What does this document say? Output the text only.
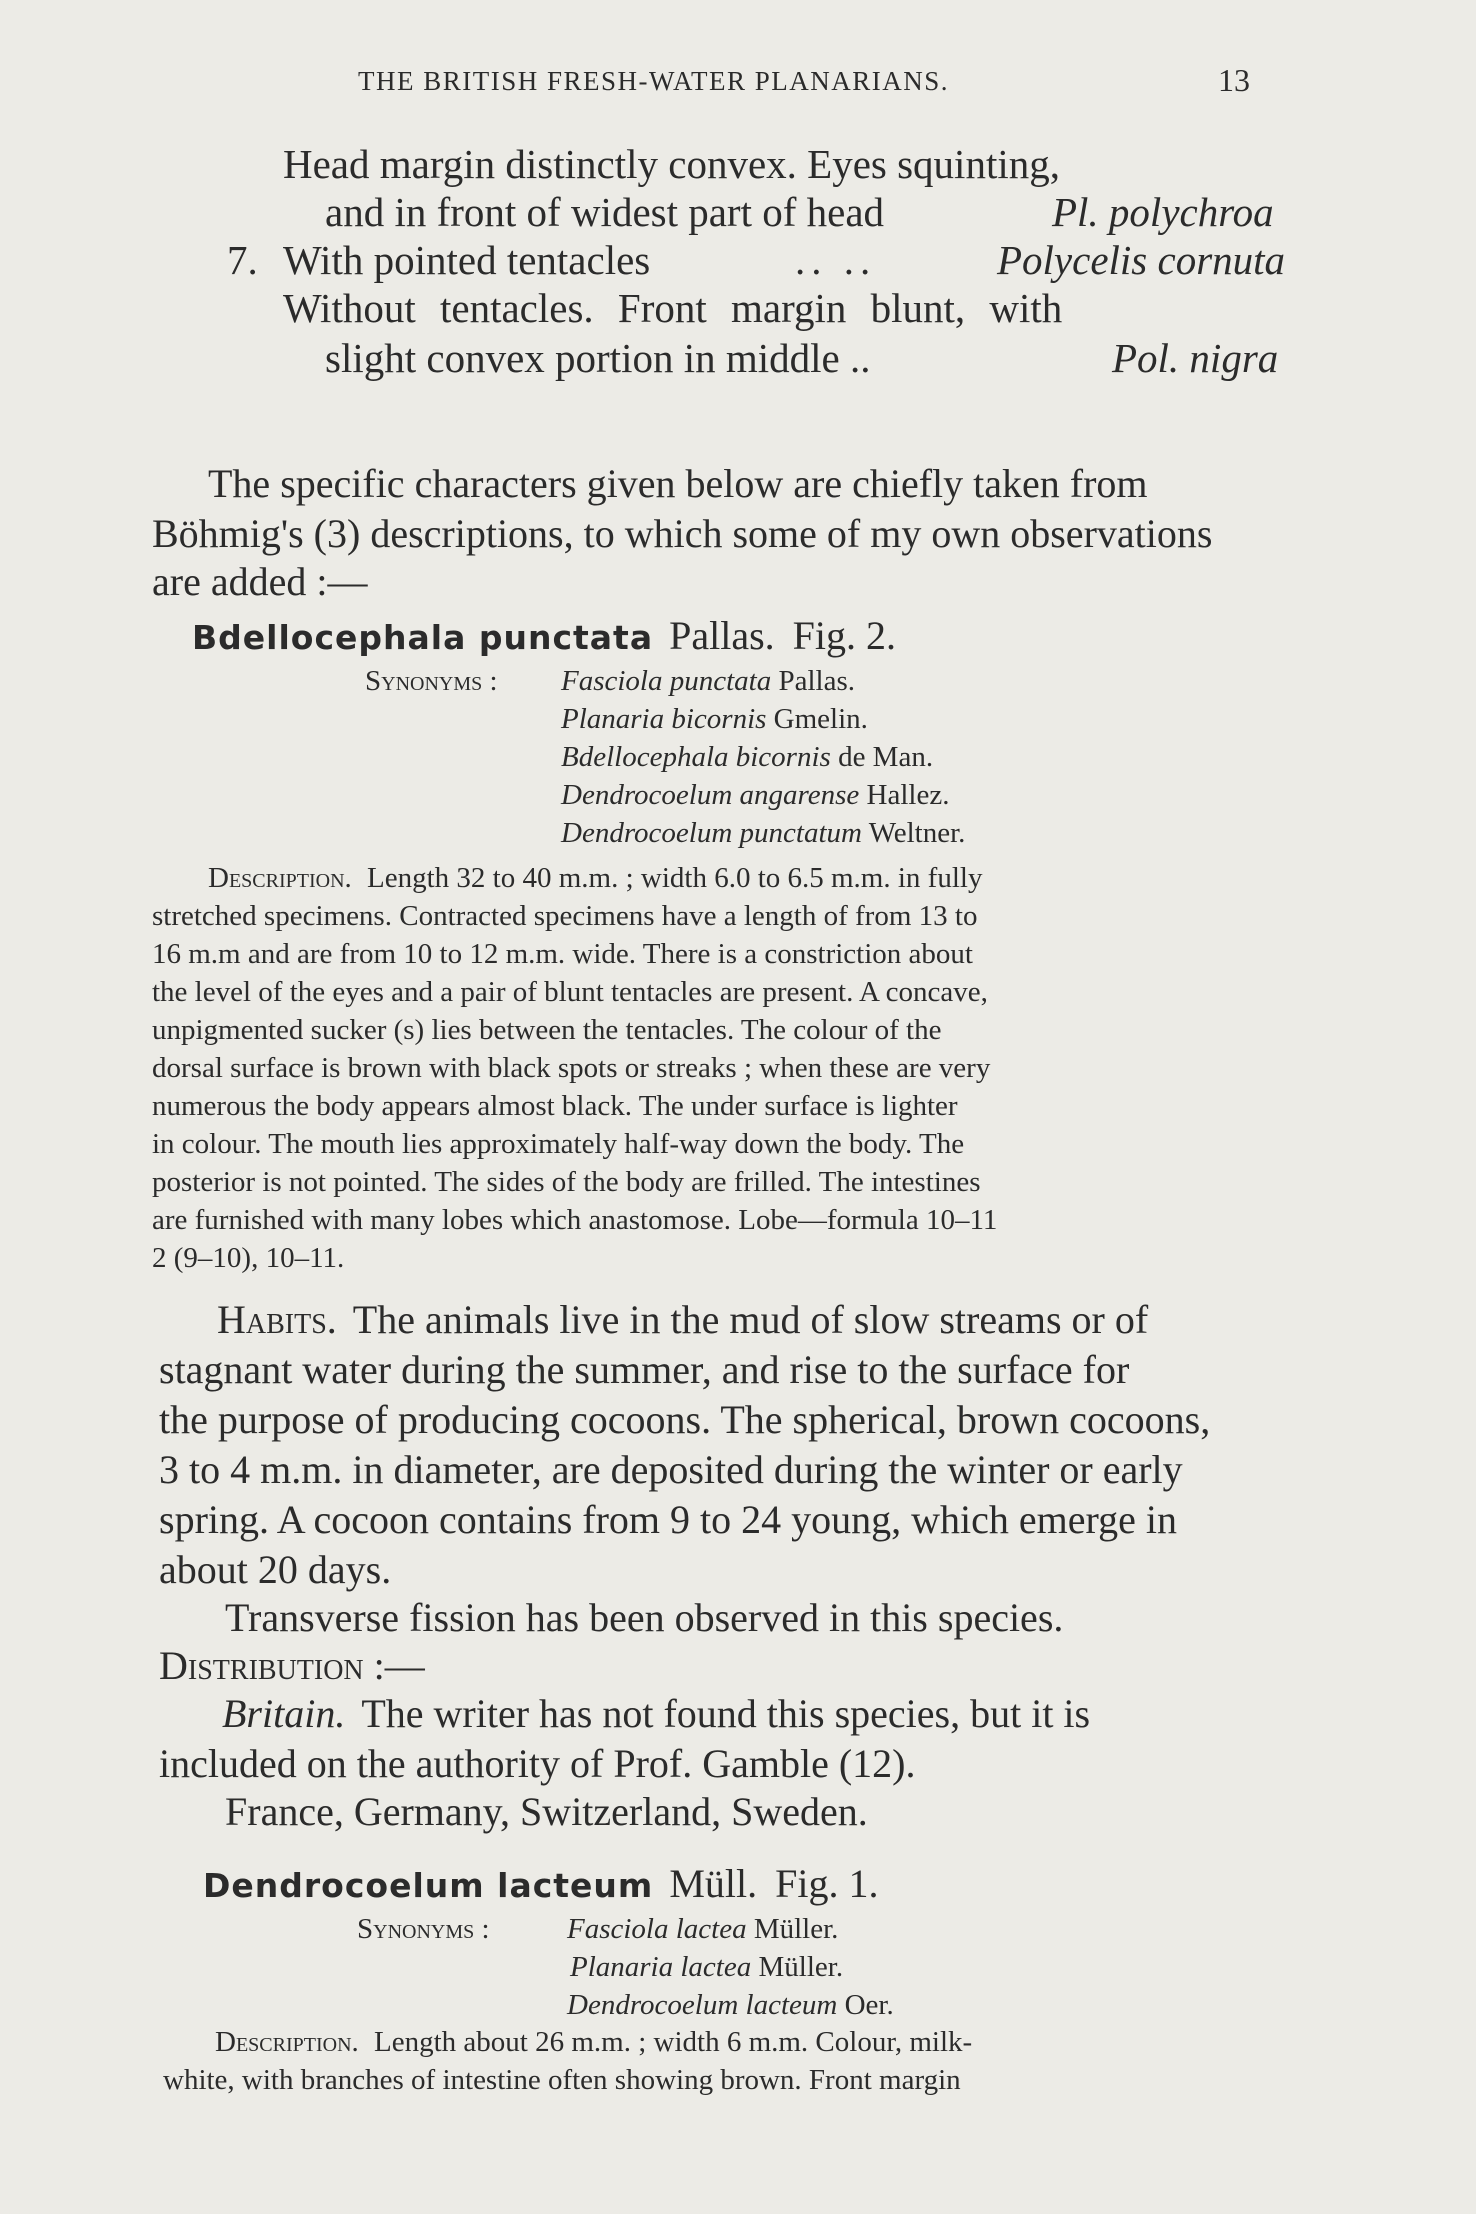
THE BRITISH FRESH-WATER PLANARIANS.	13
Head margin distinctly convex. Eyes squinting,
and in front of widest part of head	Pl. polychroa
7. With pointed tentacles	.. ..	Polycelis cornuta
Without tentacles. Front margin blunt, with
slight convex portion in middle ..	Pol. nigra
The specific characters given below are chiefly taken from
Böhmig's (3) descriptions, to which some of my own observations
are added :—
Bdellocephala punctata Pallas. Fig. 2.
Synonyms : Fasciola punctata Pallas.
Planaria bicornis Gmelin.
Bdellocephala bicornis de Man.
Dendrocoelum angarense Hallez.
Dendrocoelum punctatum Weltner.
Description. Length 32 to 40 m.m. ; width 6.0 to 6.5 m.m. in fully
stretched specimens. Contracted specimens have a length of from 13 to
16 m.m and are from 10 to 12 m.m. wide. There is a constriction about
the level of the eyes and a pair of blunt tentacles are present. A concave,
unpigmented sucker (s) lies between the tentacles. The colour of the
dorsal surface is brown with black spots or streaks ; when these are very
numerous the body appears almost black. The under surface is lighter
in colour. The mouth lies approximately half-way down the body. The
posterior is not pointed. The sides of the body are frilled. The intestines
are furnished with many lobes which anastomose. Lobe—formula 10–11
2 (9–10), 10–11.
Habits. The animals live in the mud of slow streams or of
stagnant water during the summer, and rise to the surface for
the purpose of producing cocoons. The spherical, brown cocoons,
3 to 4 m.m. in diameter, are deposited during the winter or early
spring. A cocoon contains from 9 to 24 young, which emerge in
about 20 days.
Transverse fission has been observed in this species.
Distribution :—
Britain. The writer has not found this species, but it is
included on the authority of Prof. Gamble (12).
France, Germany, Switzerland, Sweden.
Dendrocoelum lacteum Müll. Fig. 1.
Synonyms :	Fasciola lactea Müller.
Planaria lactea Müller.
Dendrocoelum lacteum Oer.
Description. Length about 26 m.m. ; width 6 m.m. Colour, milk-
white, with branches of intestine often showing brown. Front margin
